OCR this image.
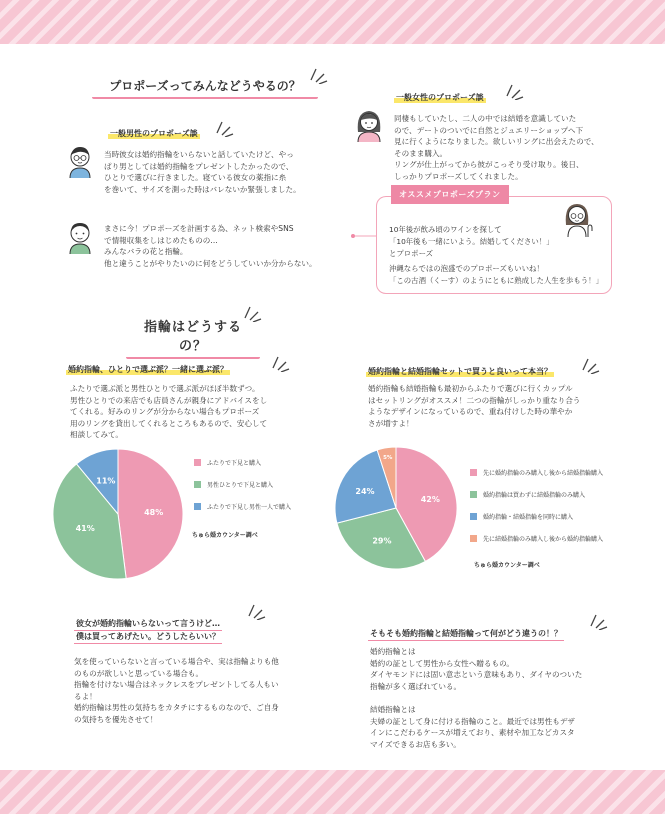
プロポーズってみんなどうやるの？
一般男性のプロポーズ談
当時彼女は婚約指輪をいらないと話していたけど、やっ
ぱり男としては婚約指輪をプレゼントしたかったので、
ひとりで選びに行きました。寝ている彼女の薬指に糸
を巻いて、サイズを測った時はバレないか緊張しました。
まさに今！プロポーズを計画する為、ネット検索やSNS
で情報収集をしはじめたものの…
みんなバラの花と指輪。
他と違うことがやりたいのに何をどうしていいか分からない。
一般女性のプロポーズ談
同棲もしていたし、二人の中では結婚を意識していた
ので、デートのついでに自然とジュエリーショップへ下
見に行くようになりました。欲しいリングに出会えたので、
そのまま購入。
リングが仕上がってから彼がこっそり受け取り。後日、
しっかりプロポーズしてくれました。
オススメプロポーズプラン
10年後が飲み頃のワインを探して
「10年後も一緒にいよう。結婚してください！」
とプロポーズ
沖縄ならではの泡盛でのプロポーズもいいね！
「この古酒（くーす）のようにともに熟成した人生を歩もう！」
指輪はどうするの？
婚約指輪、ひとりで選ぶ派？一緒に選ぶ派？
ふたりで選ぶ派と男性ひとりで選ぶ派がほぼ半数ずつ。
男性ひとりでの来店でも店員さんが親身にアドバイスをし
てくれる。好みのリングが分からない場合もプロポーズ
用のリングを貸出してくれるところもあるので、安心して
相談してみて。
48%
41%
11%
ふたりで下見と購入
男性ひとりで下見と購入
ふたりで下見し男性一人で購入
ちゅら婚カウンター調べ
婚約指輪と結婚指輪セットで買うと良いって本当？
婚約指輪も結婚指輪も最初からふたりで選びに行くカップル
はセットリングがオススメ！二つの指輪がしっかり重なり合う
ようなデザインになっているので、重ね付けした時の華やか
さが増すよ！
42%
29%
24%
5%
先に婚約指輪のみ購入し後から結婚指輪購入
婚約指輪は買わずに結婚指輪のみ購入
婚約指輪・結婚指輪を同時に購入
先に結婚指輪のみ購入し後から婚約指輪購入
ちゅら婚カウンター調べ
彼女が婚約指輪いらないって言うけど…
僕は買ってあげたい。どうしたらいい？
気を使っていらないと言っている場合や、実は指輪よりも他
のものが欲しいと思っている場合も。
指輪を付けない場合はネックレスをプレゼントしてる人もい
るよ！
婚約指輪は男性の気持ちをカタチにするものなので、ご自身
の気持ちを優先させて！
そもそも婚約指輪と結婚指輪って何がどう違うの！？
婚約指輪とは
婚約の証として男性から女性へ贈るもの。
ダイヤモンドには固い意志という意味もあり、ダイヤのついた
指輪が多く選ばれている。
結婚指輪とは
夫婦の証として身に付ける指輪のこと。最近では男性もデザ
インにこだわるケースが増えており、素材や加工などカスタ
マイズできるお店も多い。
